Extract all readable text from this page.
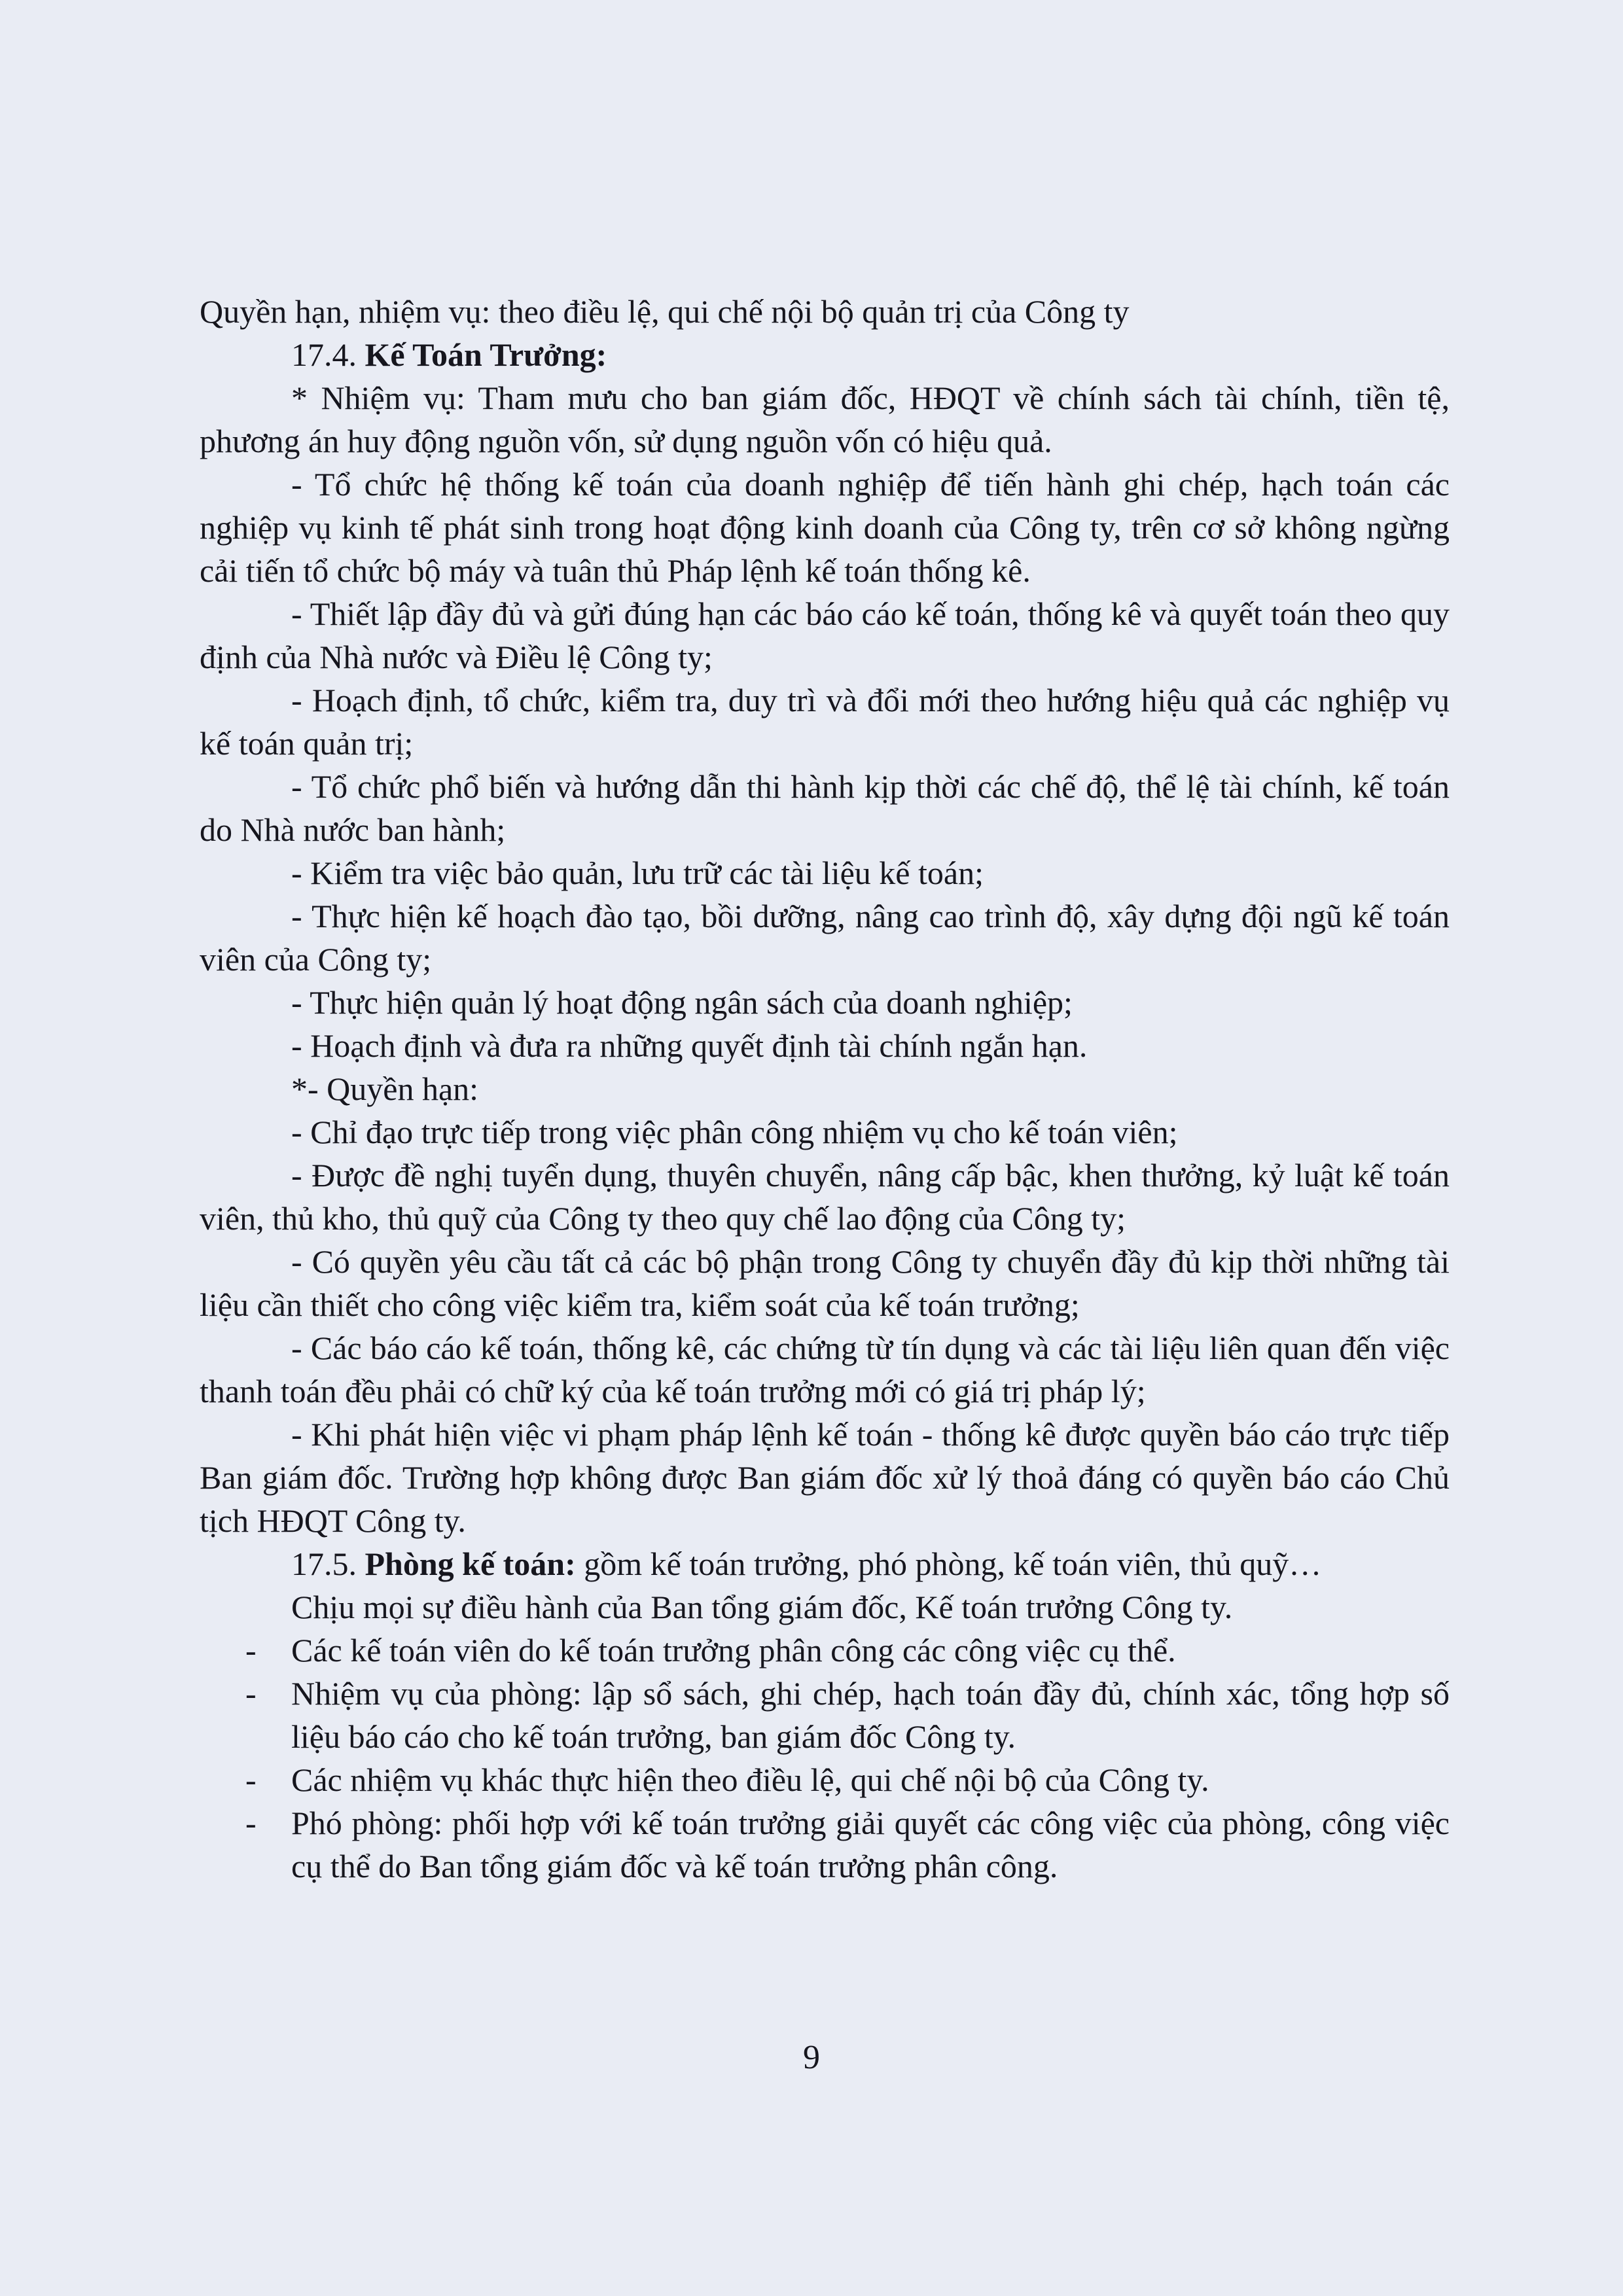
Quyền hạn, nhiệm vụ: theo điều lệ, qui chế nội bộ quản trị của Công ty

17.4. Kế Toán Trưởng:

* Nhiệm vụ: Tham mưu cho ban giám đốc, HĐQT về chính sách tài chính, tiền tệ, phương án huy động nguồn vốn, sử dụng nguồn vốn có hiệu quả.

- Tổ chức hệ thống kế toán của doanh nghiệp để tiến hành ghi chép, hạch toán các nghiệp vụ kinh tế phát sinh trong hoạt động kinh doanh của Công ty, trên cơ sở không ngừng cải tiến tổ chức bộ máy và tuân thủ Pháp lệnh kế toán thống kê.

- Thiết lập đầy đủ và gửi đúng hạn các báo cáo kế toán, thống kê và quyết toán theo quy định của Nhà nước và Điều lệ Công ty;

- Hoạch định, tổ chức, kiểm tra, duy trì và đổi mới theo hướng hiệu quả các nghiệp vụ kế toán quản trị;

- Tổ chức phổ biến và hướng dẫn thi hành kịp thời các chế độ, thể lệ tài chính, kế toán do Nhà nước ban hành;

- Kiểm tra việc bảo quản, lưu trữ các tài liệu kế toán;

- Thực hiện kế hoạch đào tạo, bồi dưỡng, nâng cao trình độ, xây dựng đội ngũ kế toán viên của Công ty;

- Thực hiện quản lý hoạt động ngân sách của doanh nghiệp;

- Hoạch định và đưa ra những quyết định tài chính ngắn hạn.

*- Quyền hạn:

- Chỉ đạo trực tiếp trong việc phân công nhiệm vụ cho kế toán viên;

- Được đề nghị tuyển dụng, thuyên chuyển, nâng cấp bậc, khen thưởng, kỷ luật kế toán viên, thủ kho, thủ quỹ của Công ty theo quy chế lao động của Công ty;

- Có quyền yêu cầu tất cả các bộ phận trong Công ty chuyển đầy đủ kịp thời những tài liệu cần thiết cho công việc kiểm tra, kiểm soát của kế toán trưởng;

- Các báo cáo kế toán, thống kê, các chứng từ tín dụng và các tài liệu liên quan đến việc thanh toán đều phải có chữ ký của kế toán trưởng mới có giá trị pháp lý;

- Khi phát hiện việc vi phạm pháp lệnh kế toán - thống kê được quyền báo cáo trực tiếp Ban giám đốc. Trường hợp không được Ban giám đốc xử lý thoả đáng có quyền báo cáo Chủ tịch HĐQT Công ty.

17.5. Phòng kế toán: gồm kế toán trưởng, phó phòng, kế toán viên, thủ quỹ…

Chịu mọi sự điều hành của Ban tổng giám đốc, Kế toán trưởng Công ty.

- Các kế toán viên do kế toán trưởng phân công các công việc cụ thể.
- Nhiệm vụ của phòng: lập sổ sách, ghi chép, hạch toán đầy đủ, chính xác, tổng hợp số liệu báo cáo cho kế toán trưởng, ban giám đốc Công ty.
- Các nhiệm vụ khác thực hiện theo điều lệ, qui chế nội bộ của Công ty.
- Phó phòng: phối hợp với kế toán trưởng giải quyết các công việc của phòng, công việc cụ thể do Ban tổng giám đốc và kế toán trưởng phân công.
9
